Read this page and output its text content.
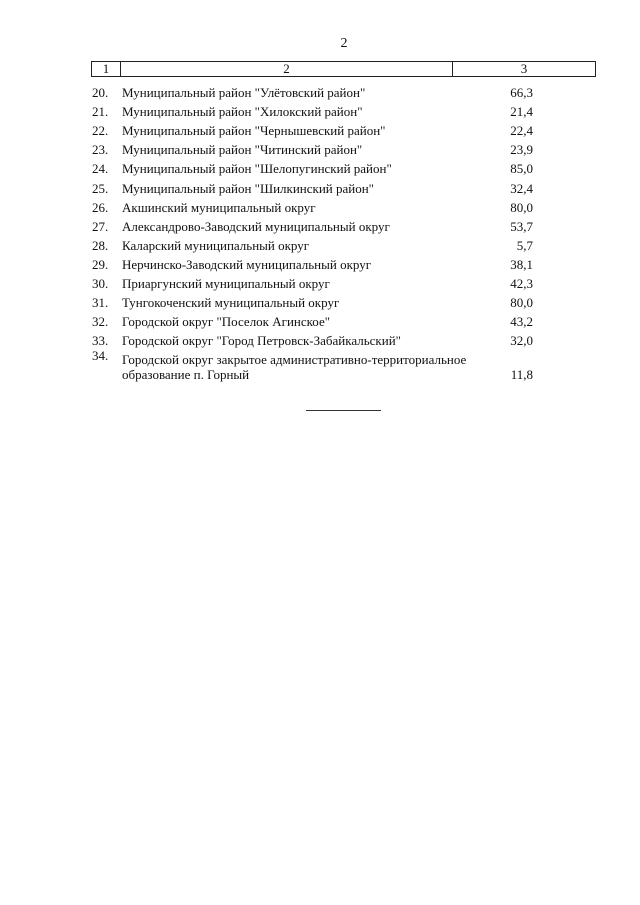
2
1	2	3
20.	Муниципальный район "Улётовский район"	66,3
21.	Муниципальный район "Хилокский район"	21,4
22.	Муниципальный район "Чернышевский район"	22,4
23.	Муниципальный район "Читинский район"	23,9
24.	Муниципальный район "Шелопугинский район"	85,0
25.	Муниципальный район "Шилкинский район"	32,4
26.	Акшинский муниципальный округ	80,0
27.	Александрово-Заводский муниципальный округ	53,7
28.	Каларский муниципальный округ	5,7
29.	Нерчинско-Заводский муниципальный округ	38,1
30.	Приаргунский муниципальный округ	42,3
31.	Тунгокоченский муниципальный округ	80,0
32.	Городской округ "Поселок Агинское"	43,2
33.	Городской округ "Город Петровск-Забайкальский"	32,0
34.	Городской округ закрытое административно-территориальное образование п. Горный	11,8
